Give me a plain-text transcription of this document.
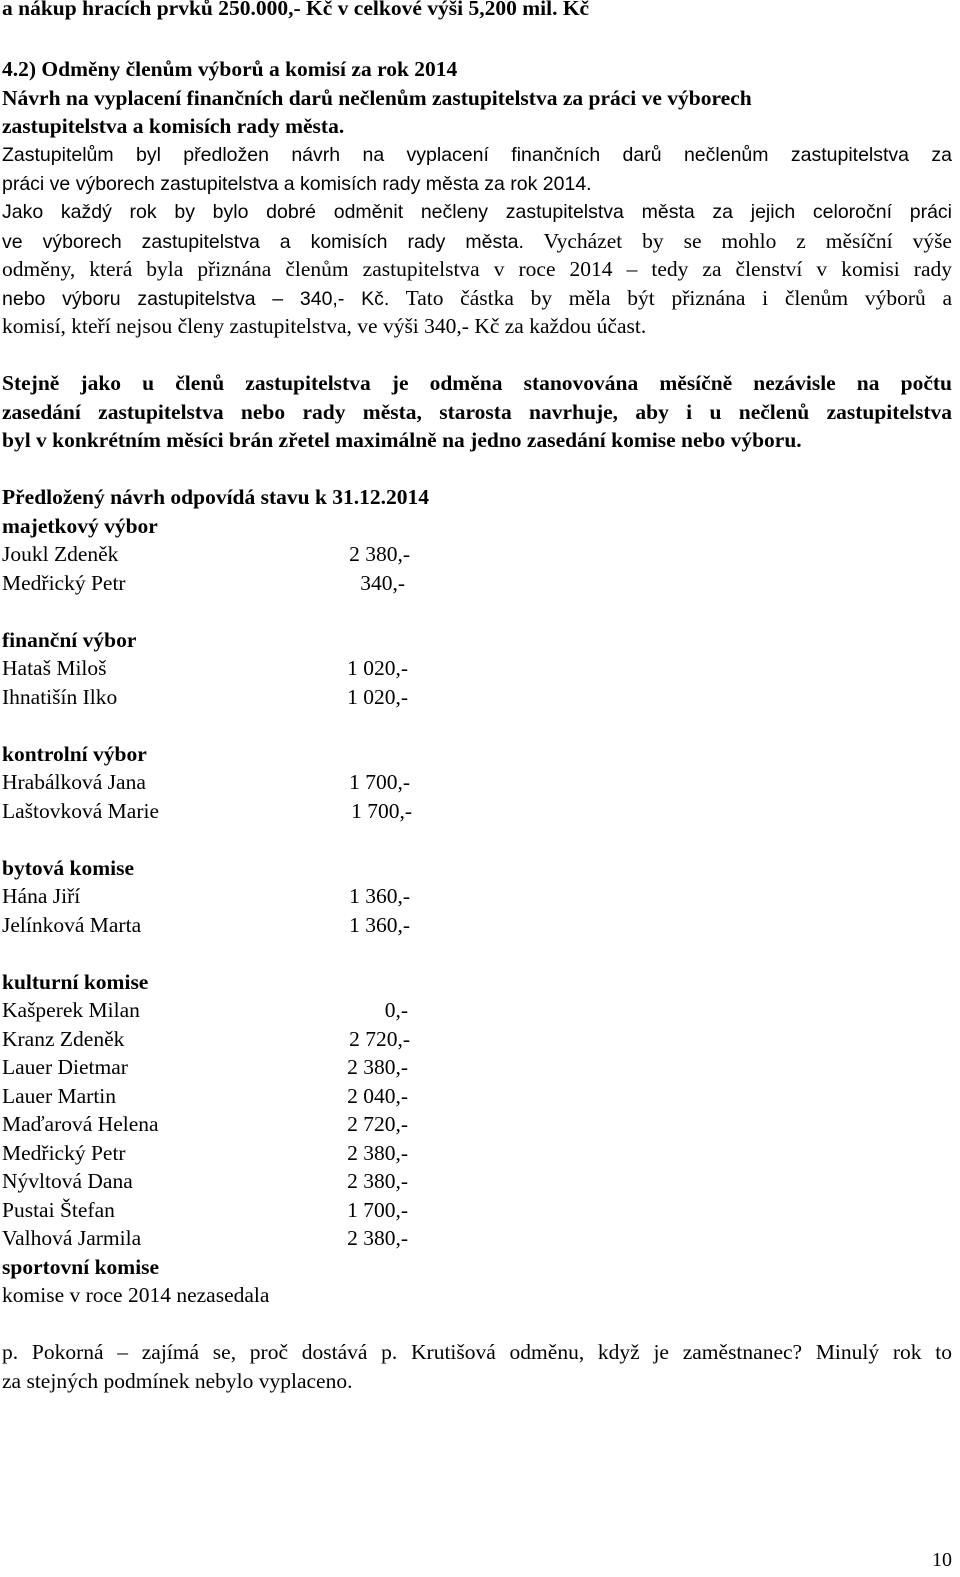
a nákup hracích prvků 250.000,- Kč v celkové výši 5,200 mil. Kč
4.2) Odměny členům výborů a komisí za rok 2014
Návrh na vyplacení finančních darů nečlenům zastupitelstva za práci ve výborech
zastupitelstva a komisích rady města.
Zastupitelům byl předložen návrh na vyplacení finančních darů nečlenům zastupitelstva za
práci ve výborech zastupitelstva a komisích rady města za rok 2014.
Jako každý rok by bylo dobré odměnit nečleny zastupitelstva města za jejich celoroční práci
ve výborech zastupitelstva a komisích rady města. Vycházet by se mohlo z měsíční výše
odměny, která byla přiznána členům zastupitelstva v roce 2014 – tedy za členství v komisi rady
nebo výboru zastupitelstva – 340,- Kč. Tato částka by měla být přiznána i členům výborů a
komisí, kteří nejsou členy zastupitelstva, ve výši 340,- Kč za každou účast.
Stejně jako u členů zastupitelstva je odměna stanovována měsíčně nezávisle na počtu
zasedání zastupitelstva nebo rady města, starosta navrhuje, aby i u nečlenů zastupitelstva
byl v konkrétním měsíci brán zřetel maximálně na jedno zasedání komise nebo výboru.
Předložený návrh odpovídá stavu k 31.12.2014
majetkový výbor
Joukl Zdeněk	2 380,-
Medřický Petr	340,-
finanční výbor
Hataš Miloš	1 020,-
Ihnatišín Ilko	1 020,-
kontrolní výbor
Hrabálková Jana	1 700,-
Laštovková Marie	1 700,-
bytová komise
Hána Jiří	1 360,-
Jelínková Marta	1 360,-
kulturní komise
Kašperek Milan	0,-
Kranz Zdeněk	2 720,-
Lauer Dietmar	2 380,-
Lauer Martin	2 040,-
Maďarová Helena	2 720,-
Medřický Petr	2 380,-
Nývltová Dana	2 380,-
Pustai Štefan	1 700,-
Valhová Jarmila	2 380,-
sportovní komise
komise v roce 2014 nezasedala
p. Pokorná – zajímá se, proč dostává p. Krutišová odměnu, když je zaměstnanec? Minulý rok to
za stejných podmínek nebylo vyplaceno.
10
